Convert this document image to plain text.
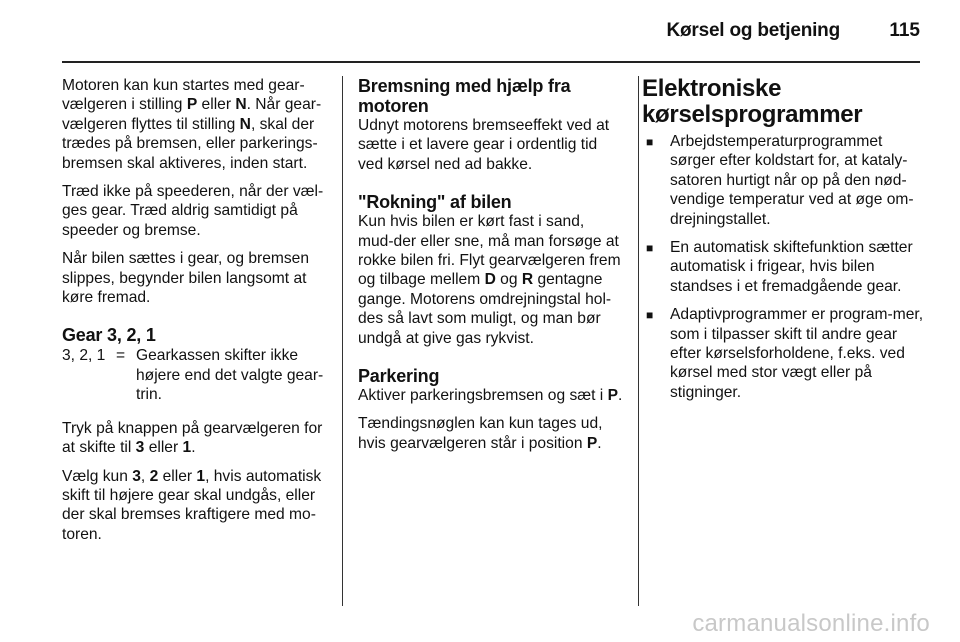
Kørsel og betjening	115

Motoren kan kun startes med gear-vælgeren i stilling P eller N. Når gear-vælgeren flyttes til stilling N, skal der trædes på bremsen, eller parkerings-bremsen skal aktiveres, inden start.

Træd ikke på speederen, når der væl-ges gear. Træd aldrig samtidigt på speeder og bremse.

Når bilen sættes i gear, og bremsen slippes, begynder bilen langsomt at køre fremad.

Gear 3, 2, 1
3, 2, 1 = Gearkassen skifter ikke højere end det valgte gear-trin.

Tryk på knappen på gearvælgeren for at skifte til 3 eller 1.

Vælg kun 3, 2 eller 1, hvis automatisk skift til højere gear skal undgås, eller der skal bremses kraftigere med mo-toren.

Bremsning med hjælp fra motoren

Udnyt motorens bremseeffekt ved at sætte i et lavere gear i ordentlig tid ved kørsel ned ad bakke.

"Rokning" af bilen

Kun hvis bilen er kørt fast i sand, mud-der eller sne, må man forsøge at rokke bilen fri. Flyt gearvælgeren frem og tilbage mellem D og R gentagne gange. Motorens omdrejningstal hol-des så lavt som muligt, og man bør undgå at give gas rykvist.

Parkering

Aktiver parkeringsbremsen og sæt i P.

Tændingsnøglen kan kun tages ud, hvis gearvælgeren står i position P.

Elektroniske kørselsprogrammer
■	Arbejdstemperaturprogrammet sørger efter koldstart for, at kataly-satoren hurtigt når op på den nød-vendige temperatur ved at øge om-drejningstallet.
■	En automatisk skiftefunktion sætter automatisk i frigear, hvis bilen standses i et fremadgående gear.
■	Adaptivprogrammer er program-mer, som i tilpasser skift til andre gear efter kørselsforholdene, f.eks. ved kørsel med stor vægt eller på stigninger.
carmanualsonline.info
